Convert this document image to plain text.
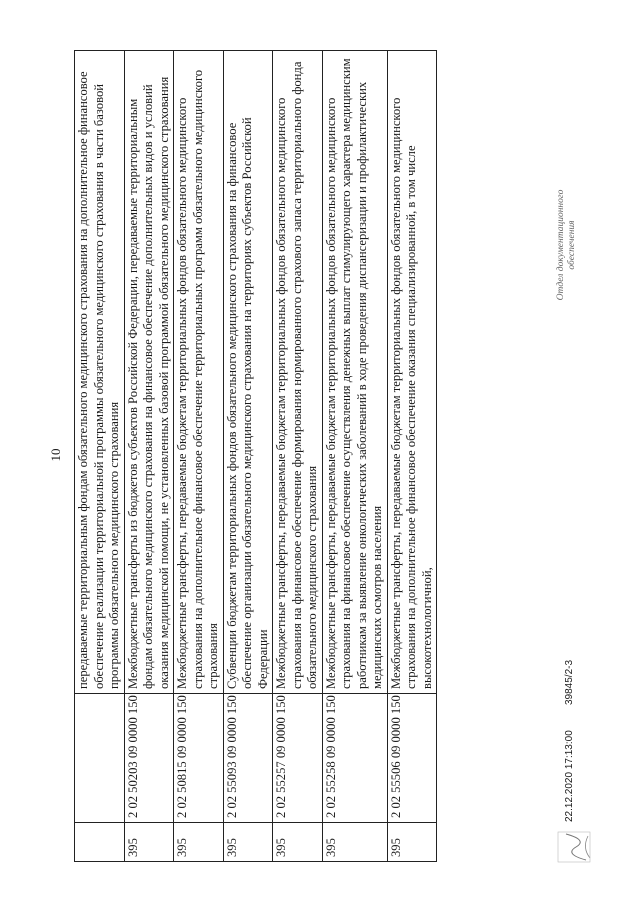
10
		передаваемые территориальным фондам обязательного медицинского страхования на дополнительное финансовое обеспечение реализации территориальной программы обязательного медицинского страхования в части базовой программы обязательного медицинского страхования
395	2 02 50203 09 0000 150	Межбюджетные трансферты из бюджетов субъектов Российской Федерации, передаваемые территориальным фондам обязательного медицинского страхования на финансовое обеспечение дополнительных видов и условий оказания медицинской помощи, не установленных базовой программой обязательного медицинского страхования
395	2 02 50815 09 0000 150	Межбюджетные трансферты, передаваемые бюджетам территориальных фондов обязательного медицинского страхования на дополнительное финансовое обеспечение территориальных программ обязательного медицинского страхования
395	2 02 55093 09 0000 150	Субвенции бюджетам территориальных фондов обязательного медицинского страхования на финансовое обеспечение организации обязательного медицинского страхования на территориях субъектов Российской Федерации
395	2 02 55257 09 0000 150	Межбюджетные трансферты, передаваемые бюджетам территориальных фондов обязательного медицинского страхования на финансовое обеспечение формирования нормированного страхового запаса территориального фонда обязательного медицинского страхования
395	2 02 55258 09 0000 150	Межбюджетные трансферты, передаваемые бюджетам территориальных фондов обязательного медицинского страхования на финансовое обеспечение осуществления денежных выплат стимулирующего характера медицинским работникам за выявление онкологических заболеваний в ходе проведения диспансеризации и профилактических медицинских осмотров населения
395	2 02 55506 09 0000 150	Межбюджетные трансферты, передаваемые бюджетам территориальных фондов обязательного медицинского страхования на дополнительное финансовое обеспечение оказания специализированной, в том числе высокотехнологичной,
22.12.2020 17:13:00
39845/2-3
Отдел документационного обеспечения
